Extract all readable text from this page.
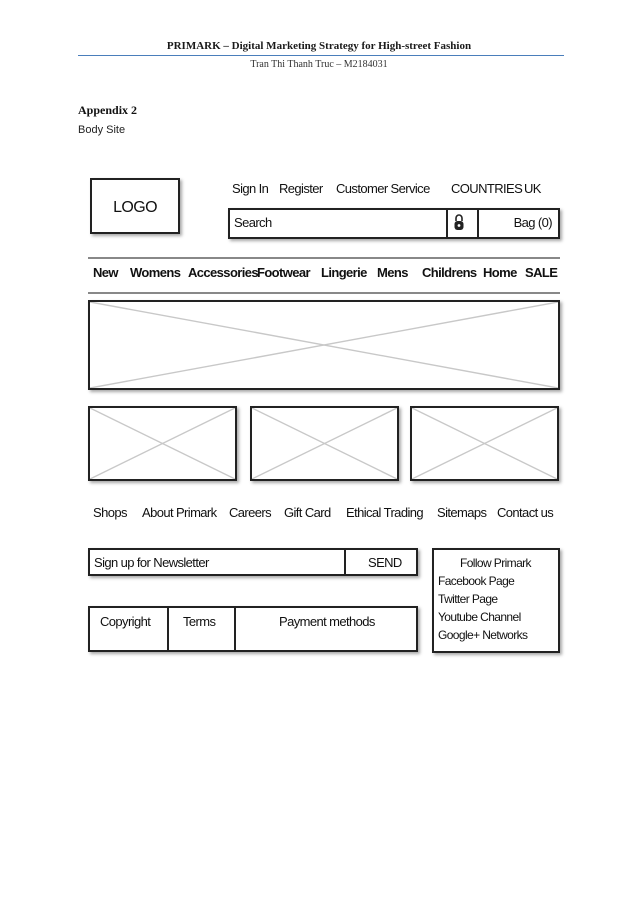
PRIMARK – Digital Marketing Strategy for High-street Fashion
Tran Thi Thanh Truc – M2184031
Appendix 2
Body Site
LOGO
Sign In Register Customer Service COUNTRIES UK
Search	Bag (0)
New Womens Accessories
Footwear Lingerie Mens Childrens Home SALE
Shops About Primark Careers Gift Card Ethical Trading Sitemaps Contact us
Sign up for Newsletter	SEND
Copyright	Terms	Payment methods
Follow Primark
Facebook Page
Twitter Page
Youtube Channel
Google+ Networks
